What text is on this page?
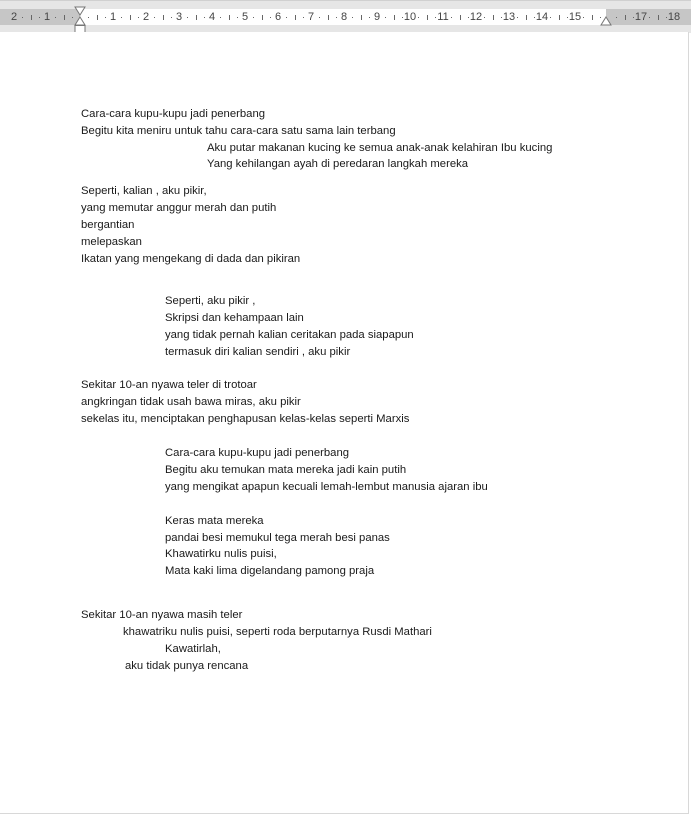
2 1	1 2 3 4 5 6 7 8 9 10 11 12 13 14 15	17 18
Cara-cara kupu-kupu jadi penerbang
Begitu kita meniru untuk tahu cara-cara satu sama lain terbang
Aku putar makanan kucing ke semua anak-anak kelahiran Ibu kucing
Yang kehilangan ayah di peredaran langkah mereka
Seperti, kalian , aku pikir,
yang memutar anggur merah dan putih
bergantian
melepaskan
Ikatan yang mengekang di dada dan pikiran
Seperti, aku pikir ,
Skripsi dan kehampaan lain
yang tidak pernah kalian ceritakan pada siapapun
termasuk diri kalian sendiri , aku pikir
Sekitar 10-an nyawa teler di trotoar
angkringan tidak usah bawa miras, aku pikir
sekelas itu, menciptakan penghapusan kelas-kelas seperti Marxis
Cara-cara kupu-kupu jadi penerbang
Begitu aku temukan mata mereka jadi kain putih
yang mengikat apapun kecuali lemah-lembut manusia ajaran ibu
Keras mata mereka
pandai besi memukul tega merah besi panas
Khawatirku nulis puisi,
Mata kaki lima digelandang pamong praja
Sekitar 10-an nyawa masih teler
khawatriku nulis puisi, seperti roda berputarnya Rusdi Mathari
Kawatirlah,
aku tidak punya rencana
